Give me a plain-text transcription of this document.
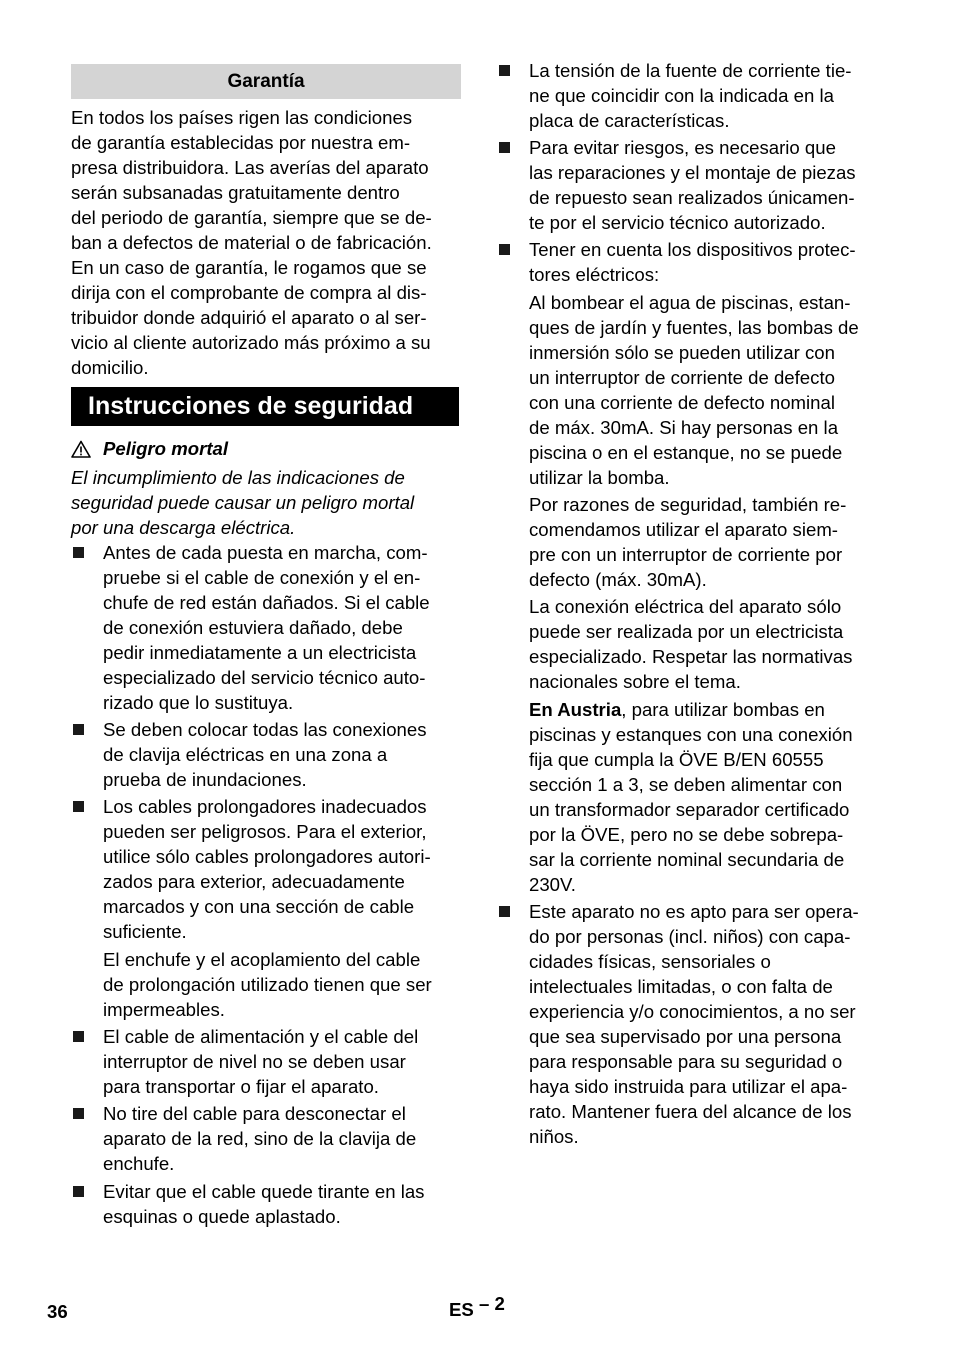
Garantía
En todos los países rigen las condiciones
de garantía establecidas por nuestra em-
presa distribuidora. Las averías del aparato
serán subsanadas gratuitamente dentro
del periodo de garantía, siempre que se de-
ban a defectos de material o de fabricación.
En un caso de garantía, le rogamos que se
dirija con el comprobante de compra al dis-
tribuidor donde adquirió el aparato o al ser-
vicio al cliente autorizado más próximo a su
domicilio.
Instrucciones de seguridad
Peligro mortal
El incumplimiento de las indicaciones de
seguridad puede causar un peligro mortal
por una descarga eléctrica.
Antes de cada puesta en marcha, com-
pruebe si el cable de conexión y el en-
chufe de red están dañados. Si el cable
de conexión estuviera dañado, debe
pedir inmediatamente a un electricista
especializado del servicio técnico auto-
rizado que lo sustituya.
Se deben colocar todas las conexiones
de clavija eléctricas en una zona a
prueba de inundaciones.
Los cables prolongadores inadecuados
pueden ser peligrosos. Para el exterior,
utilice sólo cables prolongadores autori-
zados para exterior, adecuadamente
marcados y con una sección de cable
suficiente.
El enchufe y el acoplamiento del cable
de prolongación utilizado tienen que ser
impermeables.
El cable de alimentación y el cable del
interruptor de nivel no se deben usar
para transportar o fijar el aparato.
No tire del cable para desconectar el
aparato de la red, sino de la clavija de
enchufe.
Evitar que el cable quede tirante en las
esquinas o quede aplastado.
La tensión de la fuente de corriente tie-
ne que coincidir con la indicada en la
placa de características.
Para evitar riesgos, es necesario que
las reparaciones y el montaje de piezas
de repuesto sean realizados únicamen-
te por el servicio técnico autorizado.
Tener en cuenta los dispositivos protec-
tores eléctricos:
Al bombear el agua de piscinas, estan-
ques de jardín y fuentes, las bombas de
inmersión sólo se pueden utilizar con
un interruptor de corriente de defecto
con una corriente de defecto nominal
de máx. 30mA. Si hay personas en la
piscina o en el estanque, no se puede
utilizar la bomba.
Por razones de seguridad, también re-
comendamos utilizar el aparato siem-
pre con un interruptor de corriente por
defecto (máx. 30mA).
La conexión eléctrica del aparato sólo
puede ser realizada por un electricista
especializado. Respetar las normativas
nacionales sobre el tema.
En Austria, para utilizar bombas en
piscinas y estanques con una conexión
fija que cumpla la ÖVE B/EN 60555
sección 1 a 3, se deben alimentar con
un transformador separador certificado
por la ÖVE, pero no se debe sobrepa-
sar la corriente nominal secundaria de
230V.
Este aparato no es apto para ser opera-
do por personas (incl. niños) con capa-
cidades físicas, sensoriales o
intelectuales limitadas, o con falta de
experiencia y/o conocimientos, a no ser
que sea supervisado por una persona
para responsable para su seguridad o
haya sido instruida para utilizar el apa-
rato. Mantener fuera del alcance de los
niños.
36	ES – 2
